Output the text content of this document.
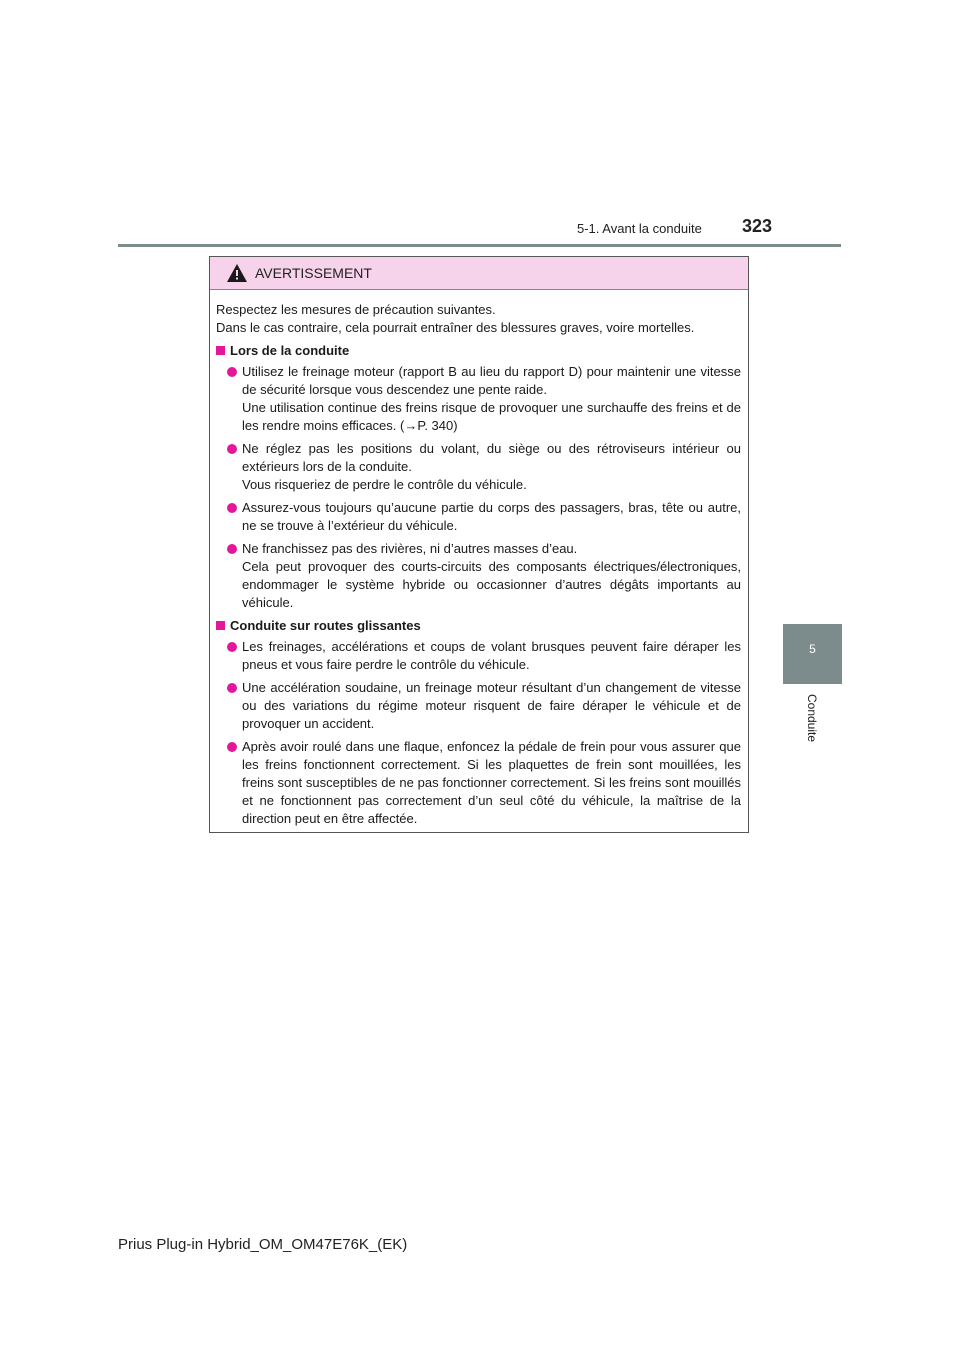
5-1. Avant la conduite 323
5
Conduite
AVERTISSEMENT

Respectez les mesures de précaution suivantes.

Dans le cas contraire, cela pourrait entraîner des blessures graves, voire mortelles.

Lors de la conduite

Utilisez le freinage moteur (rapport B au lieu du rapport D) pour maintenir une vitesse de sécurité lorsque vous descendez une pente raide.

Une utilisation continue des freins risque de provoquer une surchauffe des freins et de les rendre moins efficaces. (→P. 340)

Ne réglez pas les positions du volant, du siège ou des rétroviseurs intérieur ou extérieurs lors de la conduite.

Vous risqueriez de perdre le contrôle du véhicule.

Assurez-vous toujours qu’aucune partie du corps des passagers, bras, tête ou autre, ne se trouve à l’extérieur du véhicule.

Ne franchissez pas des rivières, ni d’autres masses d’eau.

Cela peut provoquer des courts-circuits des composants électriques/électroniques, endommager le système hybride ou occasionner d’autres dégâts importants au véhicule.

Conduite sur routes glissantes

Les freinages, accélérations et coups de volant brusques peuvent faire déraper les pneus et vous faire perdre le contrôle du véhicule.

Une accélération soudaine, un freinage moteur résultant d’un changement de vitesse ou des variations du régime moteur risquent de faire déraper le véhicule et de provoquer un accident.

Après avoir roulé dans une flaque, enfoncez la pédale de frein pour vous assurer que les freins fonctionnent correctement. Si les plaquettes de frein sont mouillées, les freins sont susceptibles de ne pas fonctionner correctement. Si les freins sont mouillés et ne fonctionnent pas correctement d’un seul côté du véhicule, la maîtrise de la direction peut en être affectée.

Prius Plug-in Hybrid_OM_OM47E76K_(EK)
